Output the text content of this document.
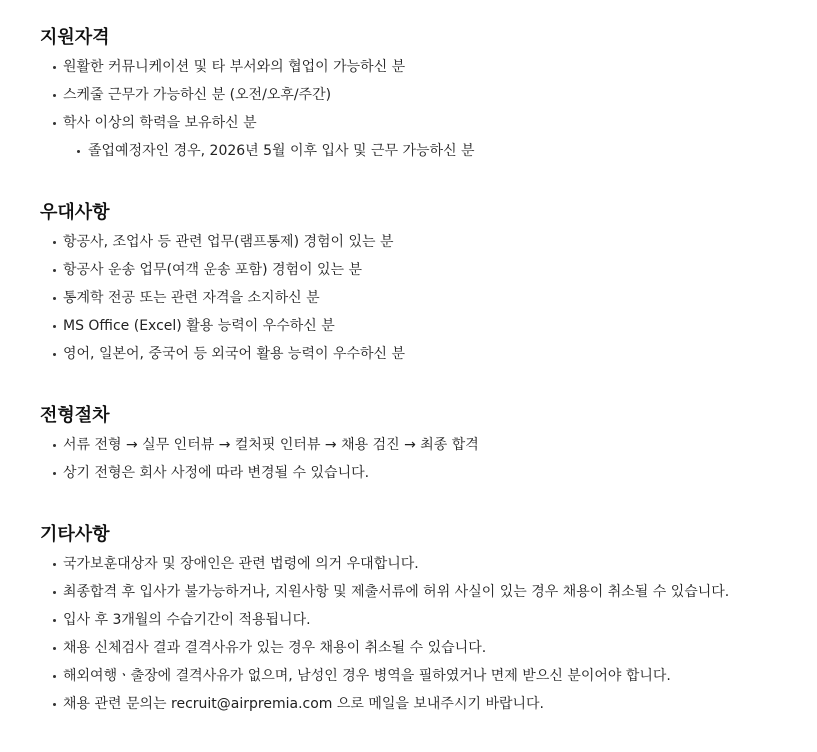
지원자격
원활한 커뮤니케이션 및 타 부서와의 협업이 가능하신 분
스케줄 근무가 가능하신 분 (오전/오후/주간)
학사 이상의 학력을 보유하신 분
졸업예정자인 경우, 2026년 5월 이후 입사 및 근무 가능하신 분
우대사항
항공사, 조업사 등 관련 업무(램프통제) 경험이 있는 분
항공사 운송 업무(여객 운송 포함) 경험이 있는 분
통계학 전공 또는 관련 자격을 소지하신 분
MS Office (Excel) 활용 능력이 우수하신 분
영어, 일본어, 중국어 등 외국어 활용 능력이 우수하신 분
전형절차
서류 전형 → 실무 인터뷰 → 컬처핏 인터뷰 → 채용 검진 → 최종 합격
상기 전형은 회사 사정에 따라 변경될 수 있습니다.
기타사항
국가보훈대상자 및 장애인은 관련 법령에 의거 우대합니다.
최종합격 후 입사가 불가능하거나, 지원사항 및 제출서류에 허위 사실이 있는 경우 채용이 취소될 수 있습니다.
입사 후 3개월의 수습기간이 적용됩니다.
채용 신체검사 결과 결격사유가 있는 경우 채용이 취소될 수 있습니다.
해외여행ㆍ출장에 결격사유가 없으며, 남성인 경우 병역을 필하였거나 면제 받으신 분이어야 합니다.
채용 관련 문의는 recruit@airpremia.com 으로 메일을 보내주시기 바랍니다.
